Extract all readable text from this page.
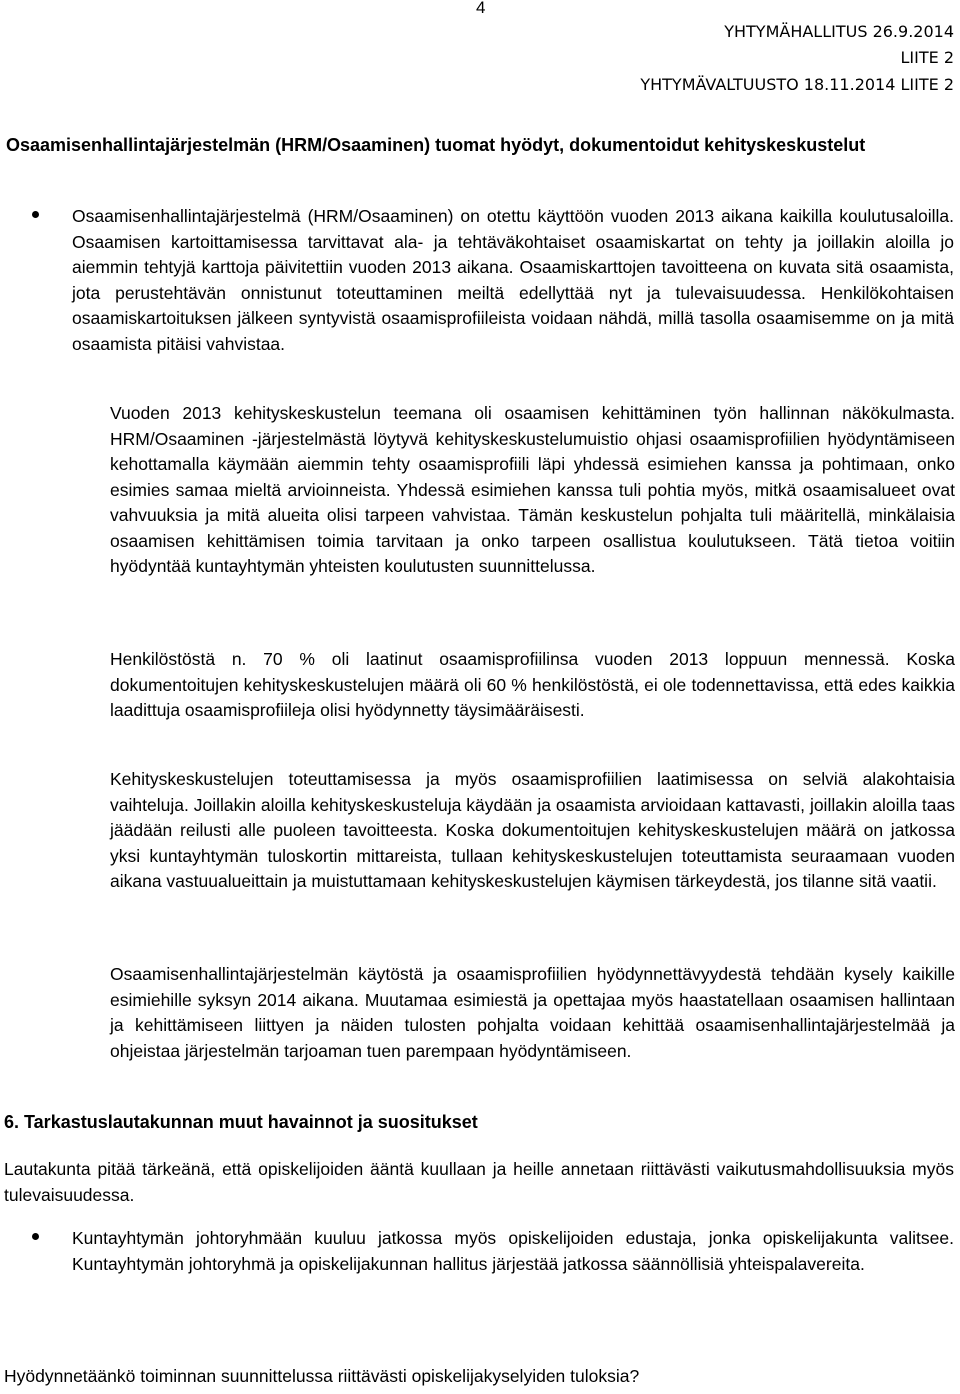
4
YHTYMÄHALLITUS 26.9.2014
LIITE 2
YHTYMÄVALTUUSTO 18.11.2014 LIITE 2
Osaamisenhallintajärjestelmän (HRM/Osaaminen) tuomat hyödyt, dokumentoidut kehityskeskustelut
Osaamisenhallintajärjestelmä (HRM/Osaaminen) on otettu käyttöön vuoden 2013 aikana kaikilla koulutusaloilla. Osaamisen kartoittamisessa tarvittavat ala- ja tehtäväkohtaiset osaamiskartat on tehty ja joillakin aloilla jo aiemmin tehtyjä karttoja päivitettiin vuoden 2013 aikana. Osaamiskarttojen tavoitteena on kuvata sitä osaamista, jota perustehtävän onnistunut toteuttaminen meiltä edellyttää nyt ja tulevaisuudessa. Henkilökohtaisen osaamiskartoituksen jälkeen syntyvistä osaamisprofiileista voidaan nähdä, millä tasolla osaamisemme on ja mitä osaamista pitäisi vahvistaa.
Vuoden 2013 kehityskeskustelun teemana oli osaamisen kehittäminen työn hallinnan näkökulmasta. HRM/Osaaminen -järjestelmästä löytyvä kehityskeskustelumuistio ohjasi osaamisprofiilien hyödyntämiseen kehottamalla käymään aiemmin tehty osaamisprofiili läpi yhdessä esimiehen kanssa ja pohtimaan, onko esimies samaa mieltä arvioinneista. Yhdessä esimiehen kanssa tuli pohtia myös, mitkä osaamisalueet ovat vahvuuksia ja mitä alueita olisi tarpeen vahvistaa. Tämän keskustelun pohjalta tuli määritellä, minkälaisia osaamisen kehittämisen toimia tarvitaan ja onko tarpeen osallistua koulutukseen. Tätä tietoa voitiin hyödyntää kuntayhtymän yhteisten koulutusten suunnittelussa.
Henkilöstöstä n. 70 % oli laatinut osaamisprofiilinsa vuoden 2013 loppuun mennessä. Koska dokumentoitujen kehityskeskustelujen määrä oli 60 % henkilöstöstä, ei ole todennettavissa, että edes kaikkia laadittuja osaamisprofiileja olisi hyödynnetty täysimääräisesti.
Kehityskeskustelujen toteuttamisessa ja myös osaamisprofiilien laatimisessa on selviä alakohtaisia vaihteluja. Joillakin aloilla kehityskeskusteluja käydään ja osaamista arvioidaan kattavasti, joillakin aloilla taas jäädään reilusti alle puoleen tavoitteesta. Koska dokumentoitujen kehityskeskustelujen määrä on jatkossa yksi kuntayhtymän tuloskortin mittareista, tullaan kehityskeskustelujen toteuttamista seuraamaan vuoden aikana vastuualueittain ja muistuttamaan kehityskeskustelujen käymisen tärkeydestä, jos tilanne sitä vaatii.
Osaamisenhallintajärjestelmän käytöstä ja osaamisprofiilien hyödynnettävyydestä tehdään kysely kaikille esimiehille syksyn 2014 aikana. Muutamaa esimiestä ja opettajaa myös haastatellaan osaamisen hallintaan ja kehittämiseen liittyen ja näiden tulosten pohjalta voidaan kehittää osaamisenhallintajärjestelmää ja ohjeistaa järjestelmän tarjoaman tuen parempaan hyödyntämiseen.
6. Tarkastuslautakunnan muut havainnot ja suositukset
Lautakunta pitää tärkeänä, että opiskelijoiden ääntä kuullaan ja heille annetaan riittävästi vaikutusmahdollisuuksia myös tulevaisuudessa.
Kuntayhtymän johtoryhmään kuuluu jatkossa myös opiskelijoiden edustaja, jonka opiskelijakunta valitsee. Kuntayhtymän johtoryhmä ja opiskelijakunnan hallitus järjestää jatkossa säännöllisiä yhteispalavereita.
Hyödynnetäänkö toiminnan suunnittelussa riittävästi opiskelijakyselyiden tuloksia?
